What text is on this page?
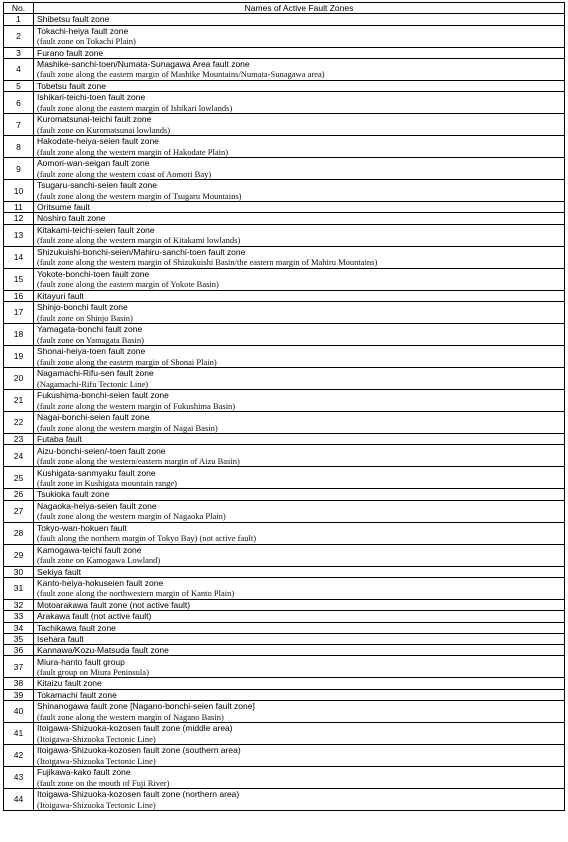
No.	Names of Active Fault Zones
1	Shibetsu fault zone

2	Tokachi-heiya fault zone
(fault zone on Tokachi Plain)

3	Furano fault zone

4	Mashike-sanchi-toen/Numata-Sunagawa Area fault zone
(fault zone along the eastern margin of Mashike Mountains/Numata-Sunagawa area)

5	Tobetsu fault zone

6	Ishikari-teichi-toen fault zone
(fault zone along the eastern margin of Ishikari lowlands)

7	Kuromatsunai-teichi fault zone
(fault zone on Kuromatsunai lowlands)

8	Hakodate-heiya-seien fault zone
(fault zone along the western margin of Hakodate Plain)

9	Aomori-wan-seigan fault zone
(fault zone along the western coast of Aomori Bay)

10	Tsugaru-sanchi-seien fault zone
(fault zone along the western margin of Tsugaru Mountains)

11	Oritsume fault

12	Noshiro fault zone

13	Kitakami-teichi-seien fault zone
(fault zone along the western margin of Kitakami lowlands)

14	Shizukuishi-bonchi-seien/Mahiru-sanchi-toen fault zone
(fault zone along the western margin of Shizukuishi Basin/the eastern margin of Mahiru Mountains)

15	Yokote-bonchi-toen fault zone
(fault zone along the eastern margin of Yokote Basin)

16	Kitayuri fault

17	Shinjo-bonchi fault zone
(fault zone on Shinjo Basin)

18	Yamagata-bonchi fault zone
(fault zone on Yamagata Basin)

19	Shonai-heiya-toen fault zone
(fault zone along the eastern margin of Shonai Plain)

20	Nagamachi-Rifu-sen fault zone
(Nagamachi-Rifu Tectonic Line)

21	Fukushima-bonchi-seien fault zone
(fault zone along the western margin of Fukushima Basin)

22	Nagai-bonchi-seien fault zone
(fault zone along the western margin of Nagai Basin)

23	Futaba fault

24	Aizu-bonchi-seien/-toen fault zone
(fault zone along the western/eastern margin of Aizu Basin)

25	Kushigata-sanmyaku fault zone
(fault zone in Kushigata mountain range)

26	Tsukioka fault zone

27	Nagaoka-heiya-seien fault zone
(fault zone along the western margin of Nagaoka Plain)

28	Tokyo-wan-hokuen fault
(fault along the northern margin of Tokyo Bay) (not active fault)

29	Kamogawa-teichi fault zone
(fault zone on Kamogawa Lowland)

30	Sekiya fault

31	Kanto-heiya-hokuseien fault zone
(fault zone along the northwestern margin of Kanto Plain)

32	Motoarakawa fault zone (not active fault)

33	Arakawa fault (not active fault)

34	Tachikawa fault zone

35	Isehara fault

36	Kannawa/Kozu-Matsuda fault zone

37	Miura-hanto fault group
(fault group on Miura Peninsula)

38	Kitaizu fault zone

39	Tokamachi fault zone

40	Shinanogawa fault zone [Nagano-bonchi-seien fault zone]
(fault zone along the western margin of Nagano Basin)

41	Itoigawa-Shizuoka-kozosen fault zone (middle area)
(Itoigawa-Shizuoka Tectonic Line)

42	Itoigawa-Shizuoka-kozosen fault zone (southern area)
(Itoigawa-Shizuoka Tectonic Line)

43	Fujikawa-kako fault zone
(fault zone on the mouth of Fuji River)

44	Itoigawa-Shizuoka-kozosen fault zone (northern area)
(Itoigawa-Shizuoka Tectonic Line)
